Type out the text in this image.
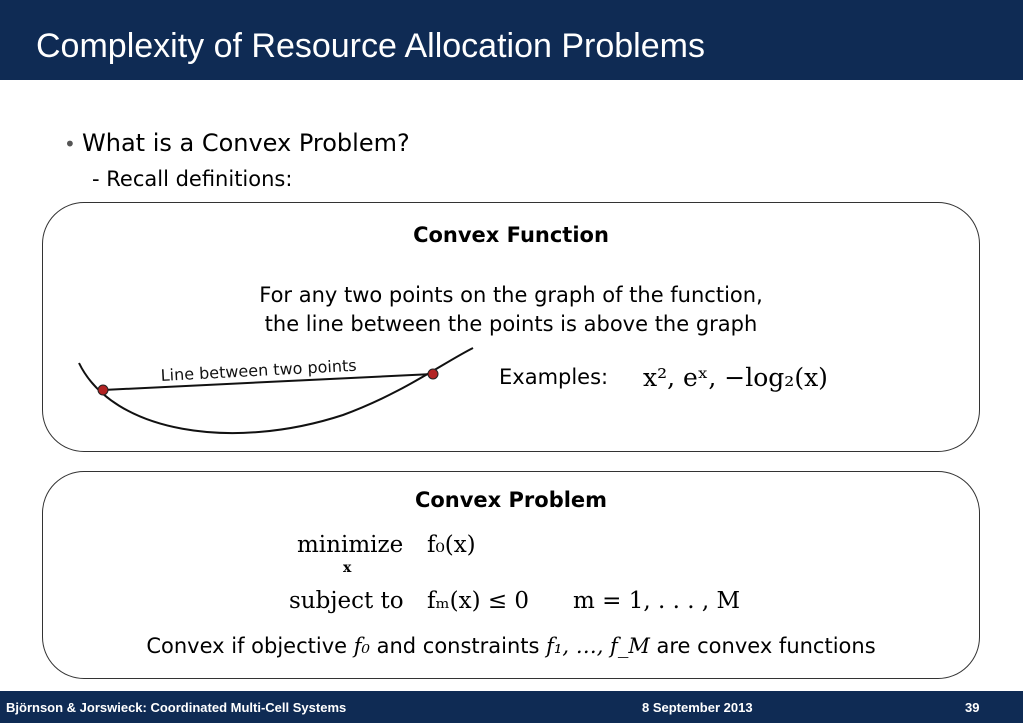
Complexity of Resource Allocation Problems
• What is a Convex Problem?
- Recall definitions:
Convex Function
For any two points on the graph of the function,
the line between the points is above the graph
Line between two points	Examples: x², eˣ, −log₂(x)
Convex Problem
minimize
x
f₀(x)
subject to fₘ(x) ≤ 0 m = 1, . . . , M
Convex if objective f₀ and constraints f₁, …, f_M are convex functions
Björnson & Jorswieck: Coordinated Multi-Cell Systems	8 September 2013	39
